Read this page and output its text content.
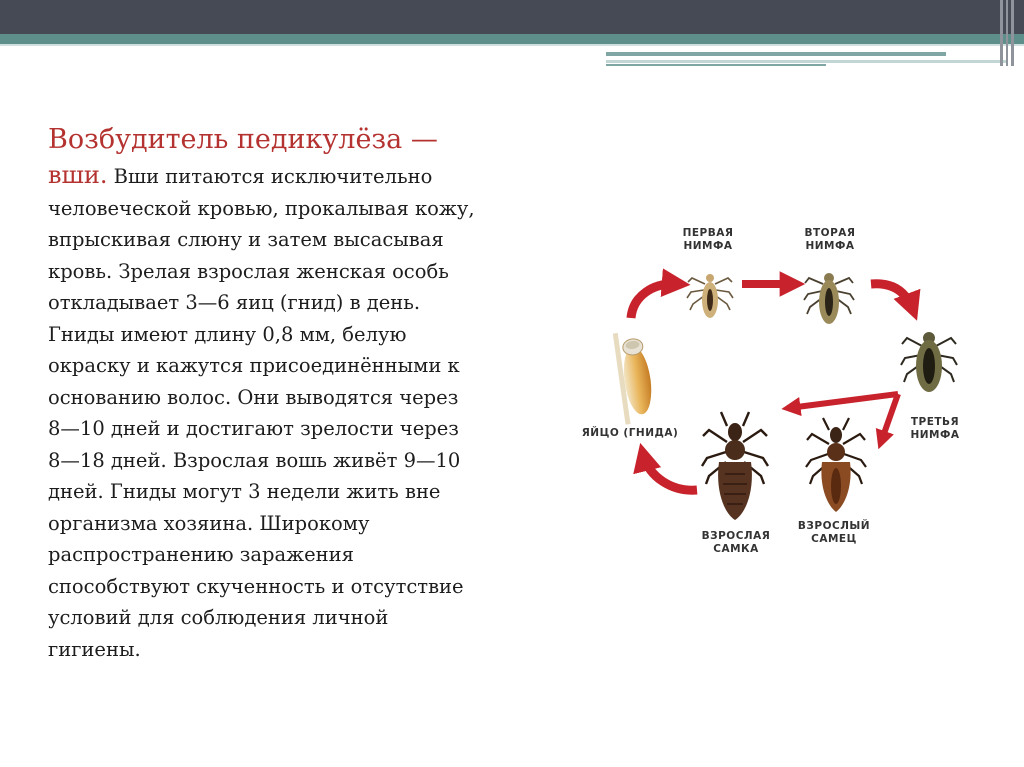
Возбудитель педикулёза —
вши. Вши питаются исключительно
человеческой кровью, прокалывая кожу,
впрыскивая слюну и затем высасывая
кровь. Зрелая взрослая женская особь
откладывает 3—6 яиц (гнид) в день.
Гниды имеют длину 0,8 мм, белую
окраску и кажутся присоединёнными к
основанию волос. Они выводятся через
8—10 дней и достигают зрелости через
8—18 дней. Взрослая вошь живёт 9—10
дней. Гниды могут 3 недели жить вне
организма хозяина. Широкому
распространению заражения
способствуют скученность и отсутствие
условий для соблюдения личной
гигиены.
ПЕРВАЯ
НИМФА
ВТОРАЯ
НИМФА
ТРЕТЬЯ
НИМФА
ЯЙЦО (ГНИДА)
ВЗРОСЛАЯ
САМКА
ВЗРОСЛЫЙ
САМЕЦ
